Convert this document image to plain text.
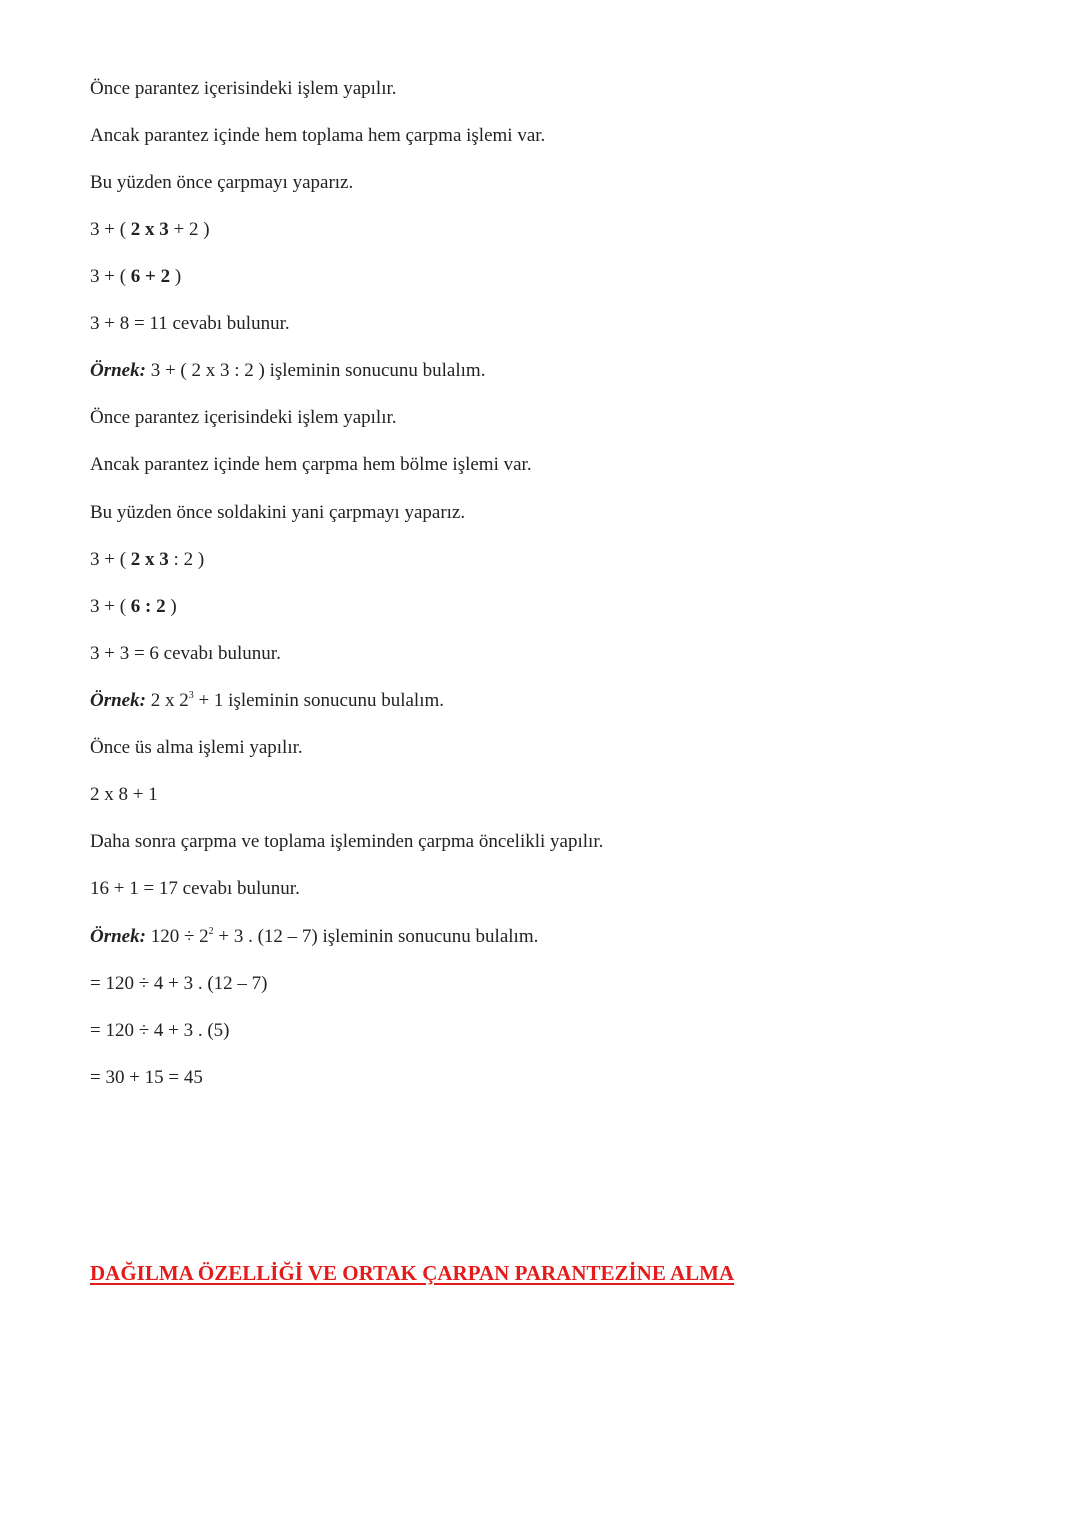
Önce parantez içerisindeki işlem yapılır.
Ancak parantez içinde hem toplama hem çarpma işlemi var.
Bu yüzden önce çarpmayı yaparız.
3 + ( 2 x 3 + 2 )
3 + ( 6 + 2 )
3 + 8 = 11 cevabı bulunur.
Örnek: 3 + ( 2 x 3 : 2 ) işleminin sonucunu bulalım.
Önce parantez içerisindeki işlem yapılır.
Ancak parantez içinde hem çarpma hem bölme işlemi var.
Bu yüzden önce soldakini yani çarpmayı yaparız.
3 + ( 2 x 3 : 2 )
3 + ( 6 : 2 )
3 + 3 = 6 cevabı bulunur.
Örnek: 2 x $2^3 + 1$ işleminin sonucunu bulalım.
Önce üs alma işlemi yapılır.
2 x 8 + 1
Daha sonra çarpma ve toplama işleminden çarpma öncelikli yapılır.
16 + 1 = 17 cevabı bulunur.
Örnek: $120 \div 2^2 + 3$ . (12 – 7) işleminin sonucunu bulalım.
= 120 ÷ 4 + 3 . (12 – 7)
= 120 ÷ 4 + 3 . (5)
= 30 + 15 = 45
DAĞILMA ÖZELLİĞİ VE ORTAK ÇARPAN PARANTEZİNE ALMA
